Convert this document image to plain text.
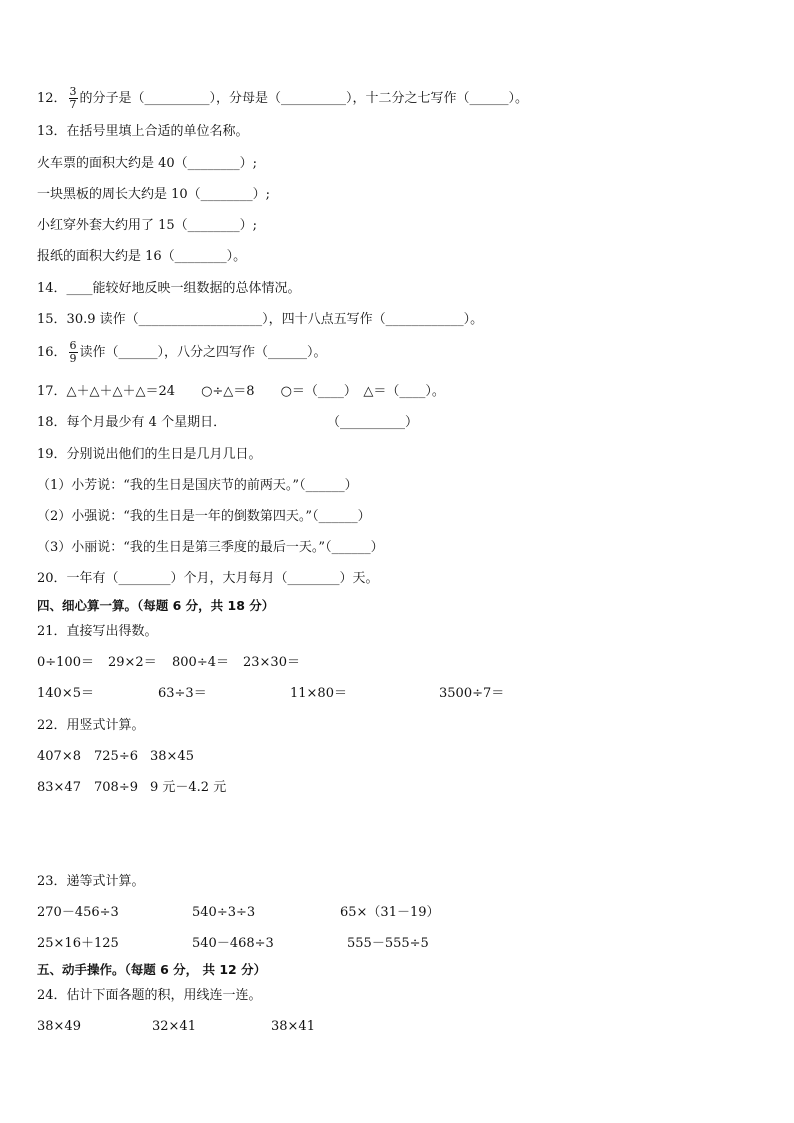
12． $\frac{3}{7}$ 的分子是（__________），分母是（__________），十二分之七写作（______）。
13．在括号里填上合适的单位名称。
火车票的面积大约是 40（________）;
一块黑板的周长大约是 10（________）;
小红穿外套大约用了 15（________）;
报纸的面积大约是 16（________）。
14．____能较好地反映一组数据的总体情况。
15．30.9 读作（___________________），四十八点五写作（____________）。
16． $\frac{6}{9}$ 读作（______），八分之四写作（______）。
17．△＋△＋△＋△＝24　　○÷△＝8　　○＝（____）　△＝（____）。
18．每个月最少有 4 个星期日．	（__________）
19．分别说出他们的生日是几月几日。
（1）小芳说：“我的生日是国庆节的前两天。”（______）
（2）小强说：“我的生日是一年的倒数第四天。”（______）
（3）小丽说：“我的生日是第三季度的最后一天。”（______）
20．一年有（________）个月，大月每月（________）天。
四、细心算一算。（每题 6 分，共 18 分）
21．直接写出得数。
0÷100＝ 29×2＝ 800÷4＝ 23×30＝
140×5＝	63÷3＝	11×80＝	3500÷7＝
22．用竖式计算。
407×8 725÷6 38×45
83×47 708÷9 9 元－4.2 元
23．递等式计算。
270－456÷3	540÷3÷3	65×（31－19）
25×16＋125	540－468÷3	555－555÷5
五、动手操作。（每题 6 分， 共 12 分）
24．估计下面各题的积，用线连一连。
38×49	32×41	38×41
